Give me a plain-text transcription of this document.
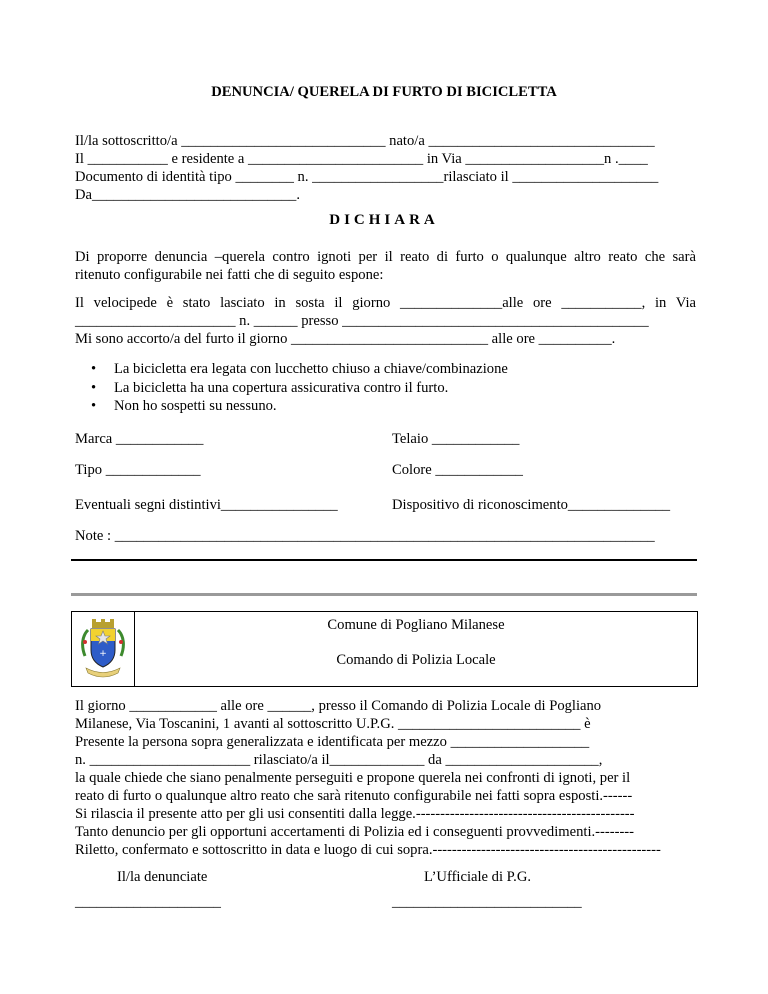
DENUNCIA/ QUERELA DI FURTO DI BICICLETTA
Il/la sottoscritto/a ____________________________ nato/a _______________________________
Il ___________ e residente a ________________________ in Via ___________________n .____
Documento di identità tipo ________ n. __________________rilasciato il ____________________
Da____________________________.
DICHIARA
Di proporre denuncia –querela contro ignoti per il reato di furto o qualunque altro reato che sarà
ritenuto configurabile nei fatti che di seguito espone:
Il velocipede è stato lasciato in sosta il giorno ______________alle ore ___________, in Via
______________________ n. ______ presso __________________________________________
Mi sono accorto/a del furto il giorno ___________________________ alle ore __________.
• La bicicletta era legata con lucchetto chiuso a chiave/combinazione
• La bicicletta ha una copertura assicurativa contro il furto.
• Non ho sospetti su nessuno.
Marca ____________	Telaio ____________
Tipo _____________	Colore ____________
Eventuali segni distintivi________________	Dispositivo di riconoscimento______________
Note : __________________________________________________________________________
+
Comune di Pogliano Milanese
Comando di Polizia Locale
Il giorno ____________ alle ore ______, presso il Comando di Polizia Locale di Pogliano
Milanese, Via Toscanini, 1 avanti al sottoscritto U.P.G. _________________________ è
Presente la persona sopra generalizzata e identificata per mezzo ___________________
n. ______________________ rilasciato/a il_____________ da _____________________,
la quale chiede che siano penalmente perseguiti e propone querela nei confronti di ignoti, per il
reato di furto o qualunque altro reato che sarà ritenuto configurabile nei fatti sopra esposti.------
Si rilascia il presente atto per gli usi consentiti dalla legge.---------------------------------------------
Tanto denuncio per gli opportuni accertamenti di Polizia ed i conseguenti provvedimenti.--------
Riletto, confermato e sottoscritto in data e luogo di cui sopra.-----------------------------------------------
Il/la denunciate	L’Ufficiale di P.G.
____________________	__________________________
